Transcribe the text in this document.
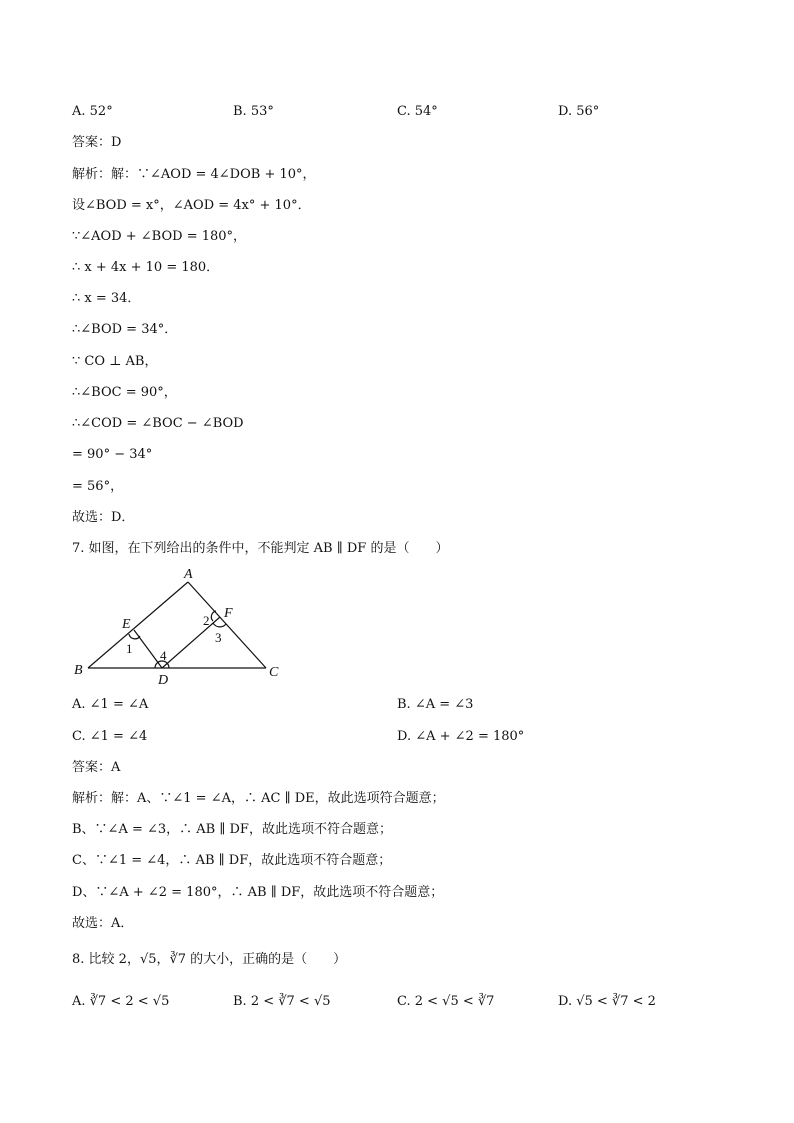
A. 52°	B. 53°	C. 54°	D. 56°
答案：D
解析：解：∵∠AOD = 4∠DOB + 10°，
设∠BOD = x°，∠AOD = 4x° + 10°．
∵∠AOD + ∠BOD = 180°，
∴ x + 4x + 10 = 180．
∴ x = 34．
∴∠BOD = 34°．
∵ CO ⊥ AB，
∴∠BOC = 90°，
∴∠COD = ∠BOC − ∠BOD
= 90° − 34°
= 56°，
故选：D．
7. 如图，在下列给出的条件中，不能判定 AB ∥ DF 的是（　　）
A
B	C
D
E
F
1
2
3
4
A. ∠1 = ∠A	B. ∠A = ∠3
C. ∠1 = ∠4	D. ∠A + ∠2 = 180°
答案：A
解析：解：A、∵∠1 = ∠A，∴ AC ∥ DE，故此选项符合题意；
B、∵∠A = ∠3，∴ AB ∥ DF，故此选项不符合题意；
C、∵∠1 = ∠4，∴ AB ∥ DF，故此选项不符合题意；
D、∵∠A + ∠2 = 180°，∴ AB ∥ DF，故此选项不符合题意；
故选：A．
8. 比较 2，√5，∛7 的大小，正确的是（　　）
A. ∛7 < 2 < √5	B. 2 < ∛7 < √5	C. 2 < √5 < ∛7	D. √5 < ∛7 < 2
